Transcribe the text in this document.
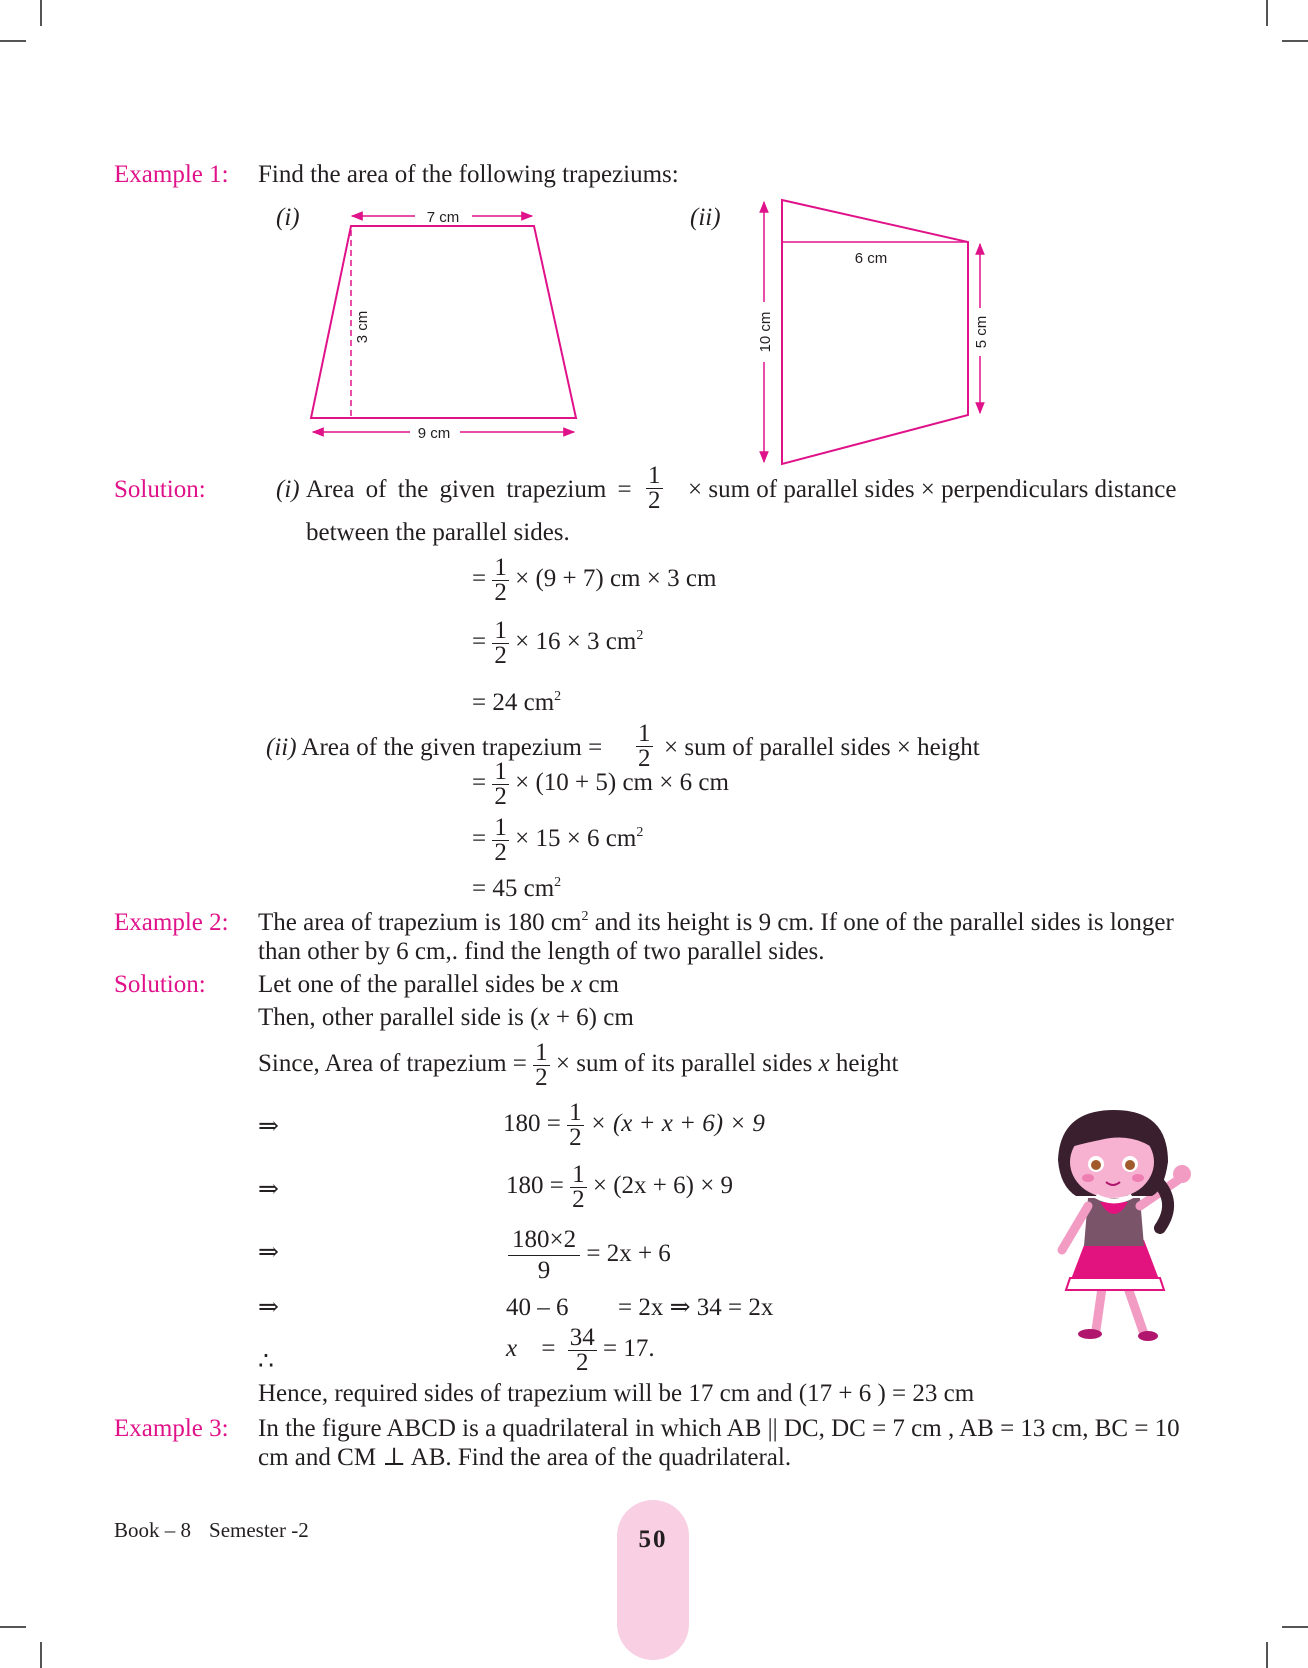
Example 1: Find the area of the following trapeziums:
(i)	(ii)
7 cm
9 cm
3 cm
6 cm
10 cm	5 cm
Solution:	(i) Area of the given trapezium = $\frac{1}{2}$ × sum of parallel sides × perpendiculars distance
between the parallel sides.
= $\frac{1}{2} \times (9 + 7)$ cm × 3 cm
= $\frac{1}{2} \times 16 \times 3$ $cm^2$
= 24 $cm^2$
(ii) Area of the given trapezium = $\frac{1}{2}$ × sum of parallel sides × height
= $\frac{1}{2} \times (10 + 5)$ cm × 6 cm
= $\frac{1}{2} \times 15 \times 6$ $cm^2$
= 45 $cm^2$
Example 2: The area of trapezium is 180 $cm^2$ and its height is 9 cm. If one of the parallel sides is longer
than other by 6 cm,. find the length of two parallel sides.
Solution: Let one of the parallel sides be x cm
Then, other parallel side is (x + 6) cm
Since, Area of trapezium = $\frac{1}{2}$ × sum of its parallel sides x height
⇒
⇒
⇒
⇒
∴
$180 = \frac{1}{2} \times (x + x + 6) \times 9$
$180 = \frac{1}{2} \times (2x + 6) \times 9$
$\frac{180\times 2}{9} = 2x + 6$
40 – 6 = 2x ⇒ 34 = 2x
$x = \frac{34}{2} = 17$.
Hence, required sides of trapezium will be 17 cm and (17 + 6 ) = 23 cm
Example 3: In the figure ABCD is a quadrilateral in which AB || DC, DC = 7 cm , AB = 13 cm, BC = 10
cm and CM ⊥ AB. Find the area of the quadrilateral.
Book – 8 Semester -2	50
